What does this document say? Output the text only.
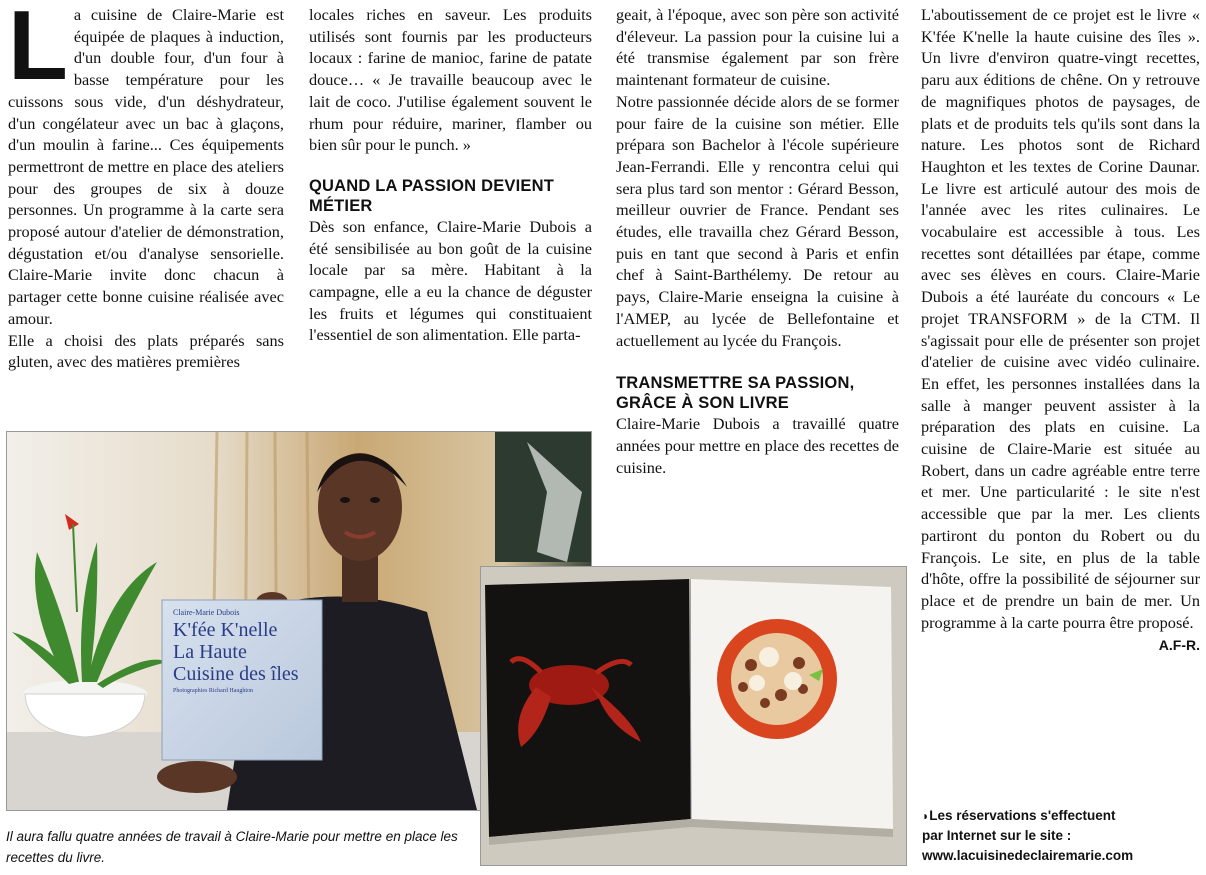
L a cuisine de Claire-Marie est équipée de plaques à induction, d'un double four, d'un four à basse température pour les cuissons sous vide, d'un déshydrateur, d'un congélateur avec un bac à glaçons, d'un moulin à farine... Ces équipements permettront de mettre en place des ateliers pour des groupes de six à douze personnes. Un programme à la carte sera proposé autour d'atelier de démonstration, dégustation et/ou d'analyse sensorielle. Claire-Marie invite donc chacun à partager cette bonne cuisine réalisée avec amour.

Elle a choisi des plats préparés sans gluten, avec des matières premières

locales riches en saveur. Les produits utilisés sont fournis par les producteurs locaux : farine de manioc, farine de patate douce… « Je travaille beaucoup avec le lait de coco. J'utilise également souvent le rhum pour réduire, mariner, flamber ou bien sûr pour le punch. »

QUAND LA PASSION DEVIENT MÉTIER

Dès son enfance, Claire-Marie Dubois a été sensibilisée au bon goût de la cuisine locale par sa mère. Habitant à la campagne, elle a eu la chance de déguster les fruits et légumes qui constituaient l'essentiel de son alimentation. Elle parta-

geait, à l'époque, avec son père son activité d'éleveur. La passion pour la cuisine lui a été transmise également par son frère maintenant formateur de cuisine.

Notre passionnée décide alors de se former pour faire de la cuisine son métier. Elle prépara son Bachelor à l'école supérieure Jean-Ferrandi. Elle y rencontra celui qui sera plus tard son mentor : Gérard Besson, meilleur ouvrier de France. Pendant ses études, elle travailla chez Gérard Besson, puis en tant que second à Paris et enfin chef à Saint-Barthélemy. De retour au pays, Claire-Marie enseigna la cuisine à l'AMEP, au lycée de Bellefontaine et actuellement au lycée du François.

TRANSMETTRE SA PASSION, GRÂCE À SON LIVRE

Claire-Marie Dubois a travaillé quatre années pour mettre en place des recettes de cuisine.

L'aboutissement de ce projet est le livre « K'fée K'nelle la haute cuisine des îles ». Un livre d'environ quatre-vingt recettes, paru aux éditions de chêne. On y retrouve de magnifiques photos de paysages, de plats et de produits tels qu'ils sont dans la nature. Les photos sont de Richard Haughton et les textes de Corine Daunar. Le livre est articulé autour des mois de l'année avec les rites culinaires. Le vocabulaire est accessible à tous. Les recettes sont détaillées par étape, comme avec ses élèves en cours. Claire-Marie Dubois a été lauréate du concours « Le projet TRANSFORM » de la CTM. Il s'agissait pour elle de présenter son projet d'atelier de cuisine avec vidéo culinaire. En effet, les personnes installées dans la salle à manger peuvent assister à la préparation des plats en cuisine. La cuisine de Claire-Marie est située au Robert, dans un cadre agréable entre terre et mer. Une particularité : le site n'est accessible que par la mer. Les clients partiront du ponton du Robert ou du François. Le site, en plus de la table d'hôte, offre la possibilité de séjourner sur place et de prendre un bain de mer. Un programme à la carte pourra être proposé.

A.F-R.
◗Les réservations s'effectuent
par Internet sur le site :
www.lacuisinedeclairemarie.com
Claire-Marie Dubois
K'fée K'nelle
La Haute
Cuisine des îles
Photographies Richard Haughton
Il aura fallu quatre années de travail à Claire-Marie pour mettre en place les recettes du livre.
